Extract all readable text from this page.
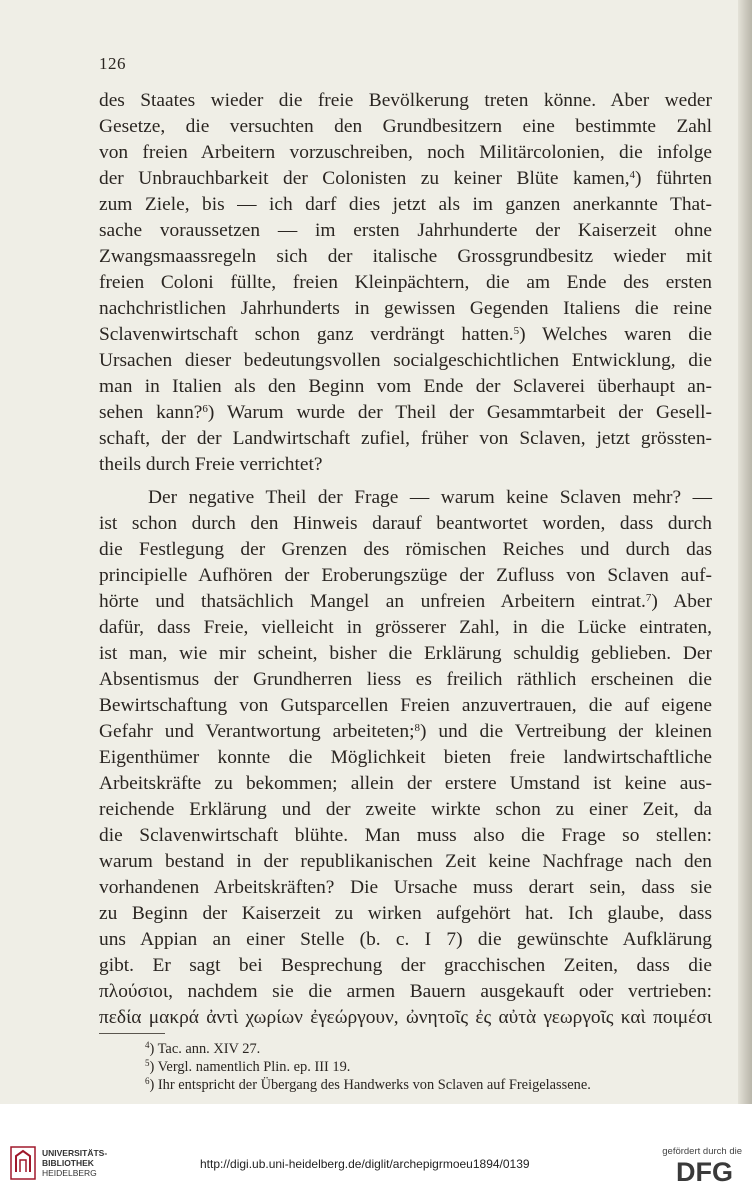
126
des Staates wieder die freie Bevölkerung treten könne. Aber weder
Gesetze, die versuchten den Grundbesitzern eine bestimmte Zahl
von freien Arbeitern vorzuschreiben, noch Militärcolonien, die infolge
der Unbrauchbarkeit der Colonisten zu keiner Blüte kamen,$^4$) führten
zum Ziele, bis — ich darf dies jetzt als im ganzen anerkannte That-
sache voraussetzen — im ersten Jahrhunderte der Kaiserzeit ohne
Zwangsmaassregeln sich der italische Grossgrundbesitz wieder mit
freien Coloni füllte, freien Kleinpächtern, die am Ende des ersten
nachchristlichen Jahrhunderts in gewissen Gegenden Italiens die reine
Sclavenwirtschaft schon ganz verdrängt hatten.$^5$) Welches waren die
Ursachen dieser bedeutungsvollen socialgeschichtlichen Entwicklung, die
man in Italien als den Beginn vom Ende der Sclaverei überhaupt an-
sehen kann?$^6$) Warum wurde der Theil der Gesammtarbeit der Gesell-
schaft, der der Landwirtschaft zufiel, früher von Sclaven, jetzt grössten-
theils durch Freie verrichtet?
Der negative Theil der Frage — warum keine Sclaven mehr? —
ist schon durch den Hinweis darauf beantwortet worden, dass durch
die Festlegung der Grenzen des römischen Reiches und durch das
principielle Aufhören der Eroberungszüge der Zufluss von Sclaven auf-
hörte und thatsächlich Mangel an unfreien Arbeitern eintrat.$^7$) Aber
dafür, dass Freie, vielleicht in grösserer Zahl, in die Lücke eintraten,
ist man, wie mir scheint, bisher die Erklärung schuldig geblieben. Der
Absentismus der Grundherren liess es freilich räthlich erscheinen die
Bewirtschaftung von Gutsparcellen Freien anzuvertrauen, die auf eigene
Gefahr und Verantwortung arbeiteten;$^8$) und die Vertreibung der kleinen
Eigenthümer konnte die Möglichkeit bieten freie landwirtschaftliche
Arbeitskräfte zu bekommen; allein der erstere Umstand ist keine aus-
reichende Erklärung und der zweite wirkte schon zu einer Zeit, da
die Sclavenwirtschaft blühte. Man muss also die Frage so stellen:
warum bestand in der republikanischen Zeit keine Nachfrage nach den
vorhandenen Arbeitskräften? Die Ursache muss derart sein, dass sie
zu Beginn der Kaiserzeit zu wirken aufgehört hat. Ich glaube, dass
uns Appian an einer Stelle (b. c. I 7) die gewünschte Aufklärung
gibt. Er sagt bei Besprechung der gracchischen Zeiten, dass die
πλούσιοι, nachdem sie die armen Bauern ausgekauft oder vertrieben:
πεδία μακρά ἀντὶ χωρίων ἐγεώργουν, ὠνητοῖς ἐς αὐτὰ γεωργοῖς καὶ ποιμέσι
$^4$) Tac. ann. XIV 27.
$^5$) Vergl. namentlich Plin. ep. III 19.
$^6$) Ihr entspricht der Übergang des Handwerks von Sclaven auf Freigelassene.
UNIVERSITÄTS-
BIBLIOTHEK
HEIDELBERG
http://digi.ub.uni-heidelberg.de/diglit/archepigrmoeu1894/0139
gefördert durch die
DFG
